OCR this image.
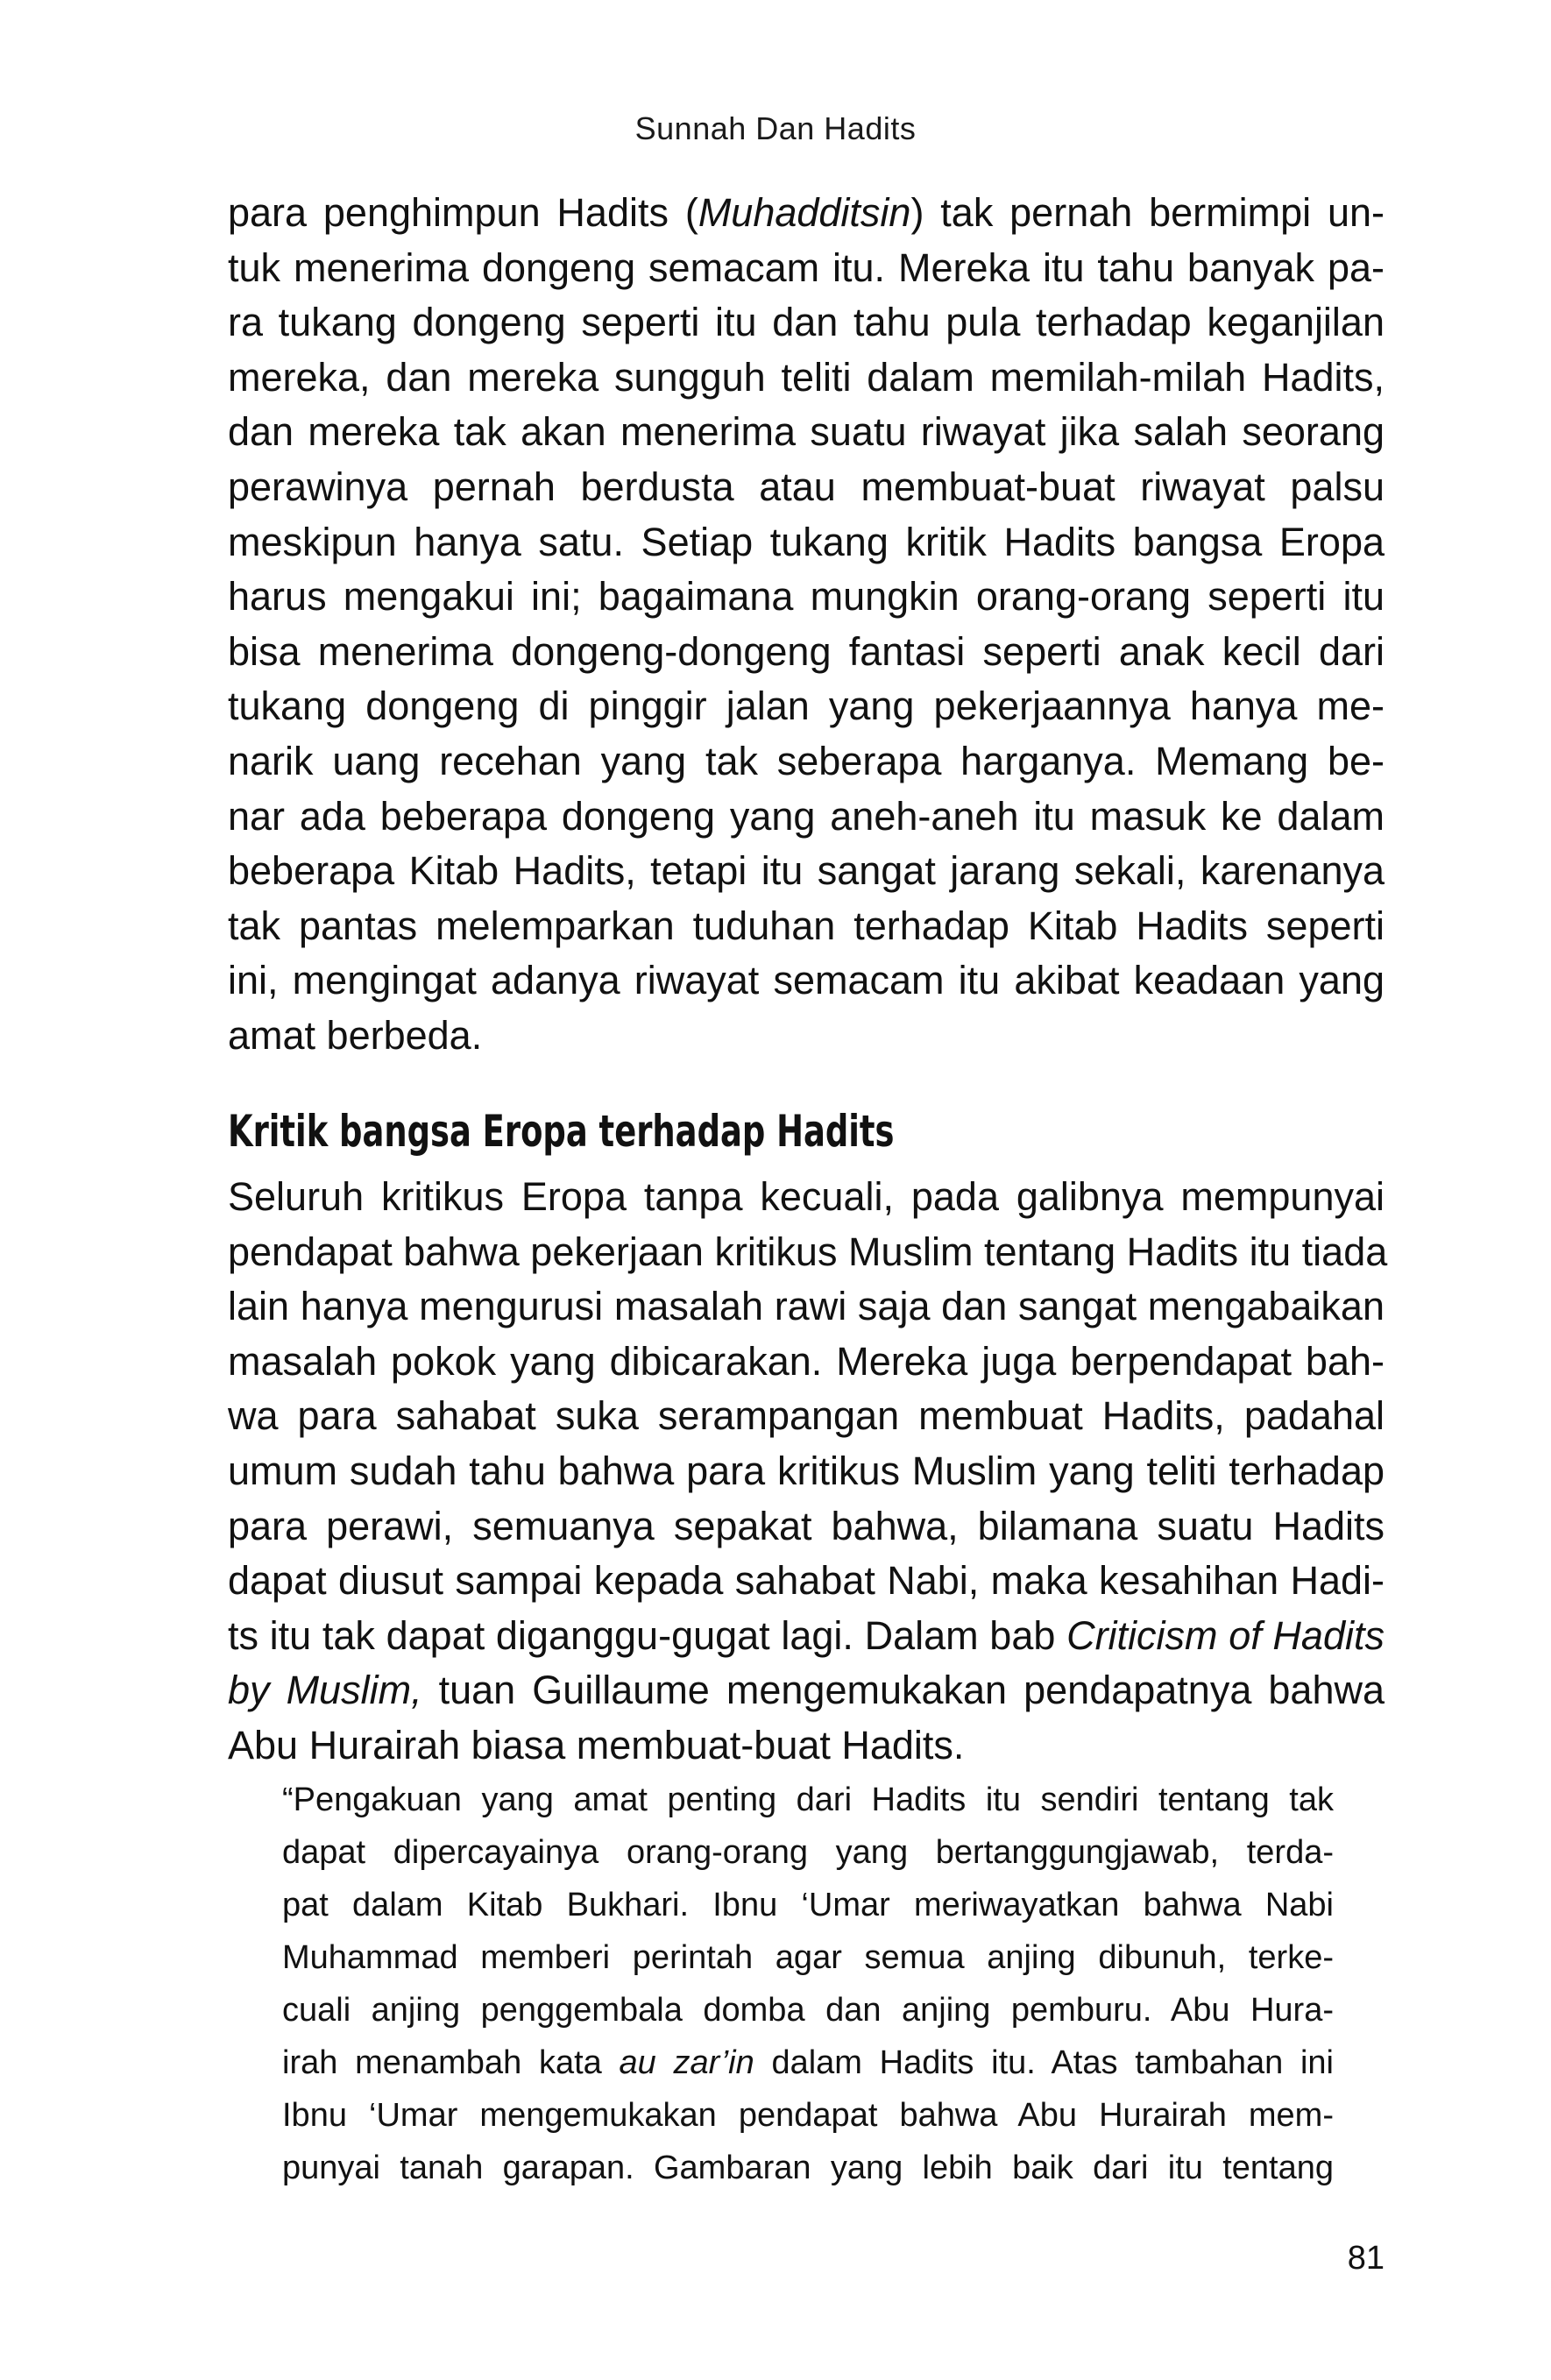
Sunnah Dan Hadits
para penghimpun Hadits (Muhadditsin) tak pernah bermimpi un-
tuk menerima dongeng semacam itu. Mereka itu tahu banyak pa-
ra tukang dongeng seperti itu dan tahu pula terhadap keganjilan
mereka, dan mereka sungguh teliti dalam memilah-milah Hadits,
dan mereka tak akan menerima suatu riwayat jika salah seorang
perawinya pernah berdusta atau membuat-buat riwayat palsu
meskipun hanya satu. Setiap tukang kritik Hadits bangsa Eropa
harus mengakui ini; bagaimana mungkin orang-orang seperti itu
bisa menerima dongeng-dongeng fantasi seperti anak kecil dari
tukang dongeng di pinggir jalan yang pekerjaannya hanya me-
narik uang recehan yang tak seberapa harganya. Memang be-
nar ada beberapa dongeng yang aneh-aneh itu masuk ke dalam
beberapa Kitab Hadits, tetapi itu sangat jarang sekali, karenanya
tak pantas melemparkan tuduhan terhadap Kitab Hadits seperti
ini, mengingat adanya riwayat semacam itu akibat keadaan yang
amat berbeda.
Kritik bangsa Eropa terhadap Hadits
Seluruh kritikus Eropa tanpa kecuali, pada galibnya mempunyai
pendapat bahwa pekerjaan kritikus Muslim tentang Hadits itu tiada
lain hanya mengurusi masalah rawi saja dan sangat mengabaikan
masalah pokok yang dibicarakan. Mereka juga berpendapat bah-
wa para sahabat suka serampangan membuat Hadits, padahal
umum sudah tahu bahwa para kritikus Muslim yang teliti terhadap
para perawi, semuanya sepakat bahwa, bilamana suatu Hadits
dapat diusut sampai kepada sahabat Nabi, maka kesahihan Hadi-
ts itu tak dapat diganggu-gugat lagi. Dalam bab Criticism of Hadits
by Muslim, tuan Guillaume mengemukakan pendapatnya bahwa
Abu Hurairah biasa membuat-buat Hadits.
“Pengakuan yang amat penting dari Hadits itu sendiri tentang tak
dapat dipercayainya orang-orang yang bertanggungjawab, terda-
pat dalam Kitab Bukhari. Ibnu ‘Umar meriwayatkan bahwa Nabi
Muhammad memberi perintah agar semua anjing dibunuh, terke-
cuali anjing penggembala domba dan anjing pemburu. Abu Hura-
irah menambah kata au zar’in dalam Hadits itu. Atas tambahan ini
Ibnu ‘Umar mengemukakan pendapat bahwa Abu Hurairah mem-
punyai tanah garapan. Gambaran yang lebih baik dari itu tentang
81
